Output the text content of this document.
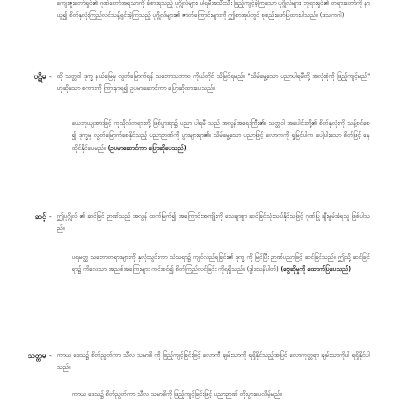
ကျေးဇူးတော်ရှင်၏ ဂုဏ်တော်အရသာကို ခံစားရသည့် ပုဂ္ဂိုလ်များ၊ ပါရမီအသီးသီး ဖြည့်ကျင့်ခဲ့ကြသော ပုဂ္ဂိုလ်များ၊ ဘုရားရှင်၏ တရားတော်ကို နာယူ၍ စိတ်နှလုံးကြည်လင်သန့်ရှင်းခဲ့ကြသည့် ပုဂ္ဂိုလ်များ၏ ဇာတ်ကြောင်းများကို ဤစာအုပ်တွင် စုစည်းဖော်ပြထားပါသည်။ (ဒသကဂါ)
ပဋိမ - ထို သတ္တဝါ ဒုက္ခ နယ်မြေမှ လွတ်မြောက်ရန် သဘောသဘာဝ ကိုယ်တိုင် သိမြင်ရမည်။ "သိမ်မွေ့သော ပညာပါရမီတို့ အလုံးစုံကို ဖြည့်ကျင့်မည်" ဟုဆိုသော စကားကို ကြားနာရ၍ ဥပမာဆောင်ကာ ပြောဆိုထားပေသည်။
ယေဘုယျအားဖြင့် ကုသိုလ်တရားတို့ ဖြစ်ပွားရာ၌ ပညာ ပါရမီ သည် အလွန်အရေးကြီး၏။ သတ္တဝါ အပေါင်းတို့၏ စိတ်နှလုံးကို သန့်စင်စေ၍ ဒုက္ခမှ လွတ်မြောက်စေနိုင်သည့် ပညာဉာဏ်ကို ပွားများရာ၏။ သိမ်မွေ့သော ပညာဖြင့် လောကကို ရှုမြင်ပါက ပေါ့ပါးသော စိတ်ဖြင့် နေထိုင်နိုင်ပေမည်။ (ဥပမာဆောင်ကာ ပြောဆိုပေသည်)
ဆင့် - ဤပုဂ္ဂိုလ် ၏ ဆင်ခြင် ဉာဏ်သည် အလွန် ထက်မြက်၍ အကြောင်းအကျိုးကို သေချာစွာ ဆင်ခြင်သုံးသပ်နိုင်သဖြင့် ဂုဏ်ပြု ချီးမွမ်းခံရသူ ဖြစ်ပါသည်။
ပရမတ္ထ သဘောတရားများကို နှလုံးသွင်းကာ သံသရာ၌ ကျင်လည်ရခြင်း၏ ဒုက္ခ ကို မြင်ပြီး ဉာဏ်ပညာဖြင့် ဆင်ခြင်သည်။ ဤသို့ ဆင်ခြင်ရာ၌ ကိလေသာ အညစ်အကြေးများ ကင်းစင်၍ စိတ်ကြည်လင်ခြင်း ကိုရရှိသည်။ (ဒွါဒသနိပါတ်) (ဗွေဆိုမှုကို ထောက်ပြပေသည်)
သတ္တမ - ကာယ ဒေသ၌ စိတ်ညွတ်ကာ သီလ သမာဓိ ကို ဖြည့်ကျင့်ခြင်းဖြင့် လောကီ ချမ်းသာကို ရရှိနိုင်သည့်အပြင် လောကုတ္တရာ ချမ်းသာကိုပါ ရရှိနိုင်ပါသည်။
ကာယ ဒေသ၌ စိတ်ညွတ်ကာ သီလ သမာဓိကို ဖြည့်ကျင့်ခြင်းဖြင့် ပညာဉာဏ် တိုးပွားပေလိမ့်မည်။
